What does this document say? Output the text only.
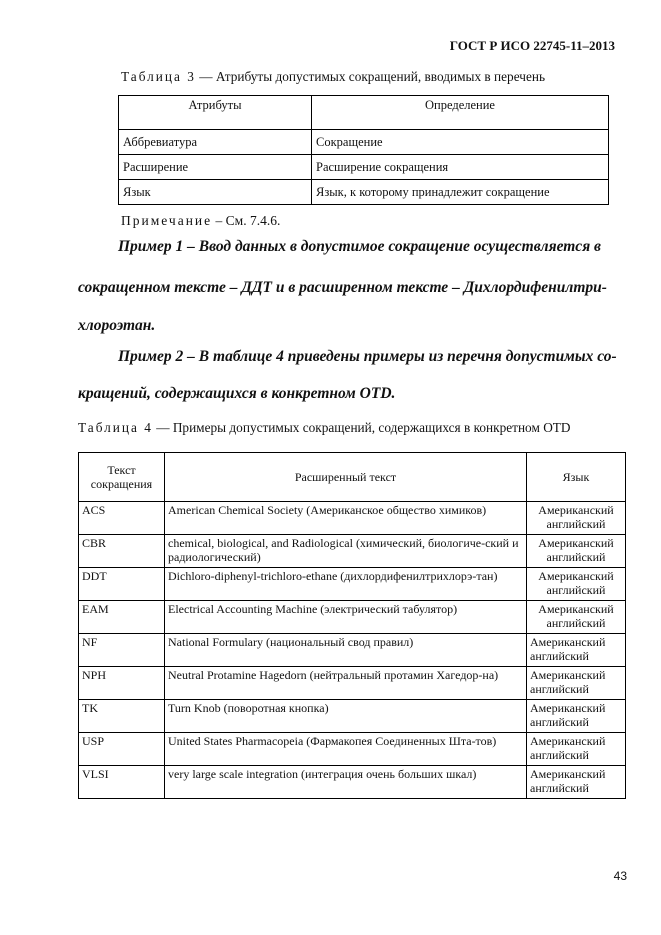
ГОСТ Р ИСО 22745-11–2013
Таблица 3 — Атрибуты допустимых сокращений, вводимых в перечень
Атрибуты	Определение
Аббревиатура	Сокращение
Расширение	Расширение сокращения
Язык	Язык, к которому принадлежит сокращение
Примечание – См. 7.4.6.
Пример 1 – Ввод данных в допустимое сокращение осуществляется в
сокращенном тексте – ДДТ и в расширенном тексте – Дихлордифенилтри-
хлороэтан.
Пример 2 – В таблице 4 приведены примеры из перечня допустимых со-
кращений, содержащихся в конкретном OTD.
Таблица 4 — Примеры допустимых сокращений, содержащихся в конкретном OTD
Текст сокращения	Расширенный текст	Язык
ACS	American Chemical Society (Американское общество химиков)	Американский английский
CBR	chemical, biological, and Radiological (химический, биологиче-ский и радиологический)	Американский английский
DDT	Dichloro-diphenyl-trichloro-ethane (дихлордифенилтрихлорэ-тан)	Американский английский
EAM	Electrical Accounting Machine (электрический табулятор)	Американский английский
NF	National Formulary (национальный свод правил)	Американский английский
NPH	Neutral Protamine Hagedorn (нейтральный протамин Хагедор-на)	Американский английский
TK	Turn Knob (поворотная кнопка)	Американский английский
USP	United States Pharmacopeia (Фармакопея Соединенных Шта-тов)	Американский английский
VLSI	very large scale integration (интеграция очень больших шкал)	Американский английский
43
